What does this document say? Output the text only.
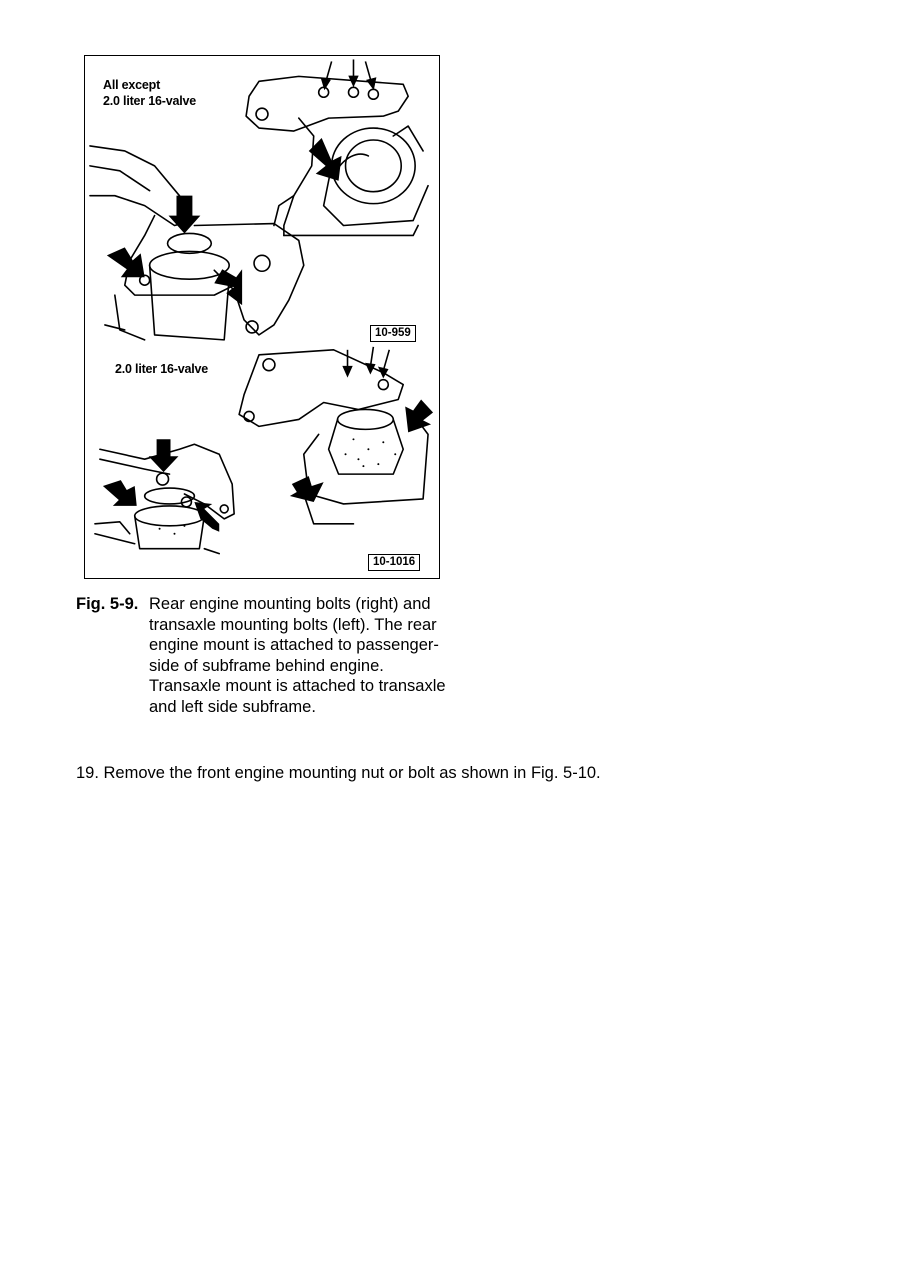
All except
2.0 liter 16-valve
10-959
2.0 liter 16-valve
10-1016
Fig. 5-9. Rear engine mounting bolts (right) and transaxle mounting bolts (left). The rear engine mount is attached to passenger-side of subframe behind engine. Transaxle mount is attached to transaxle and left side subframe.
19. Remove the front engine mounting nut or bolt as shown in Fig. 5-10.
